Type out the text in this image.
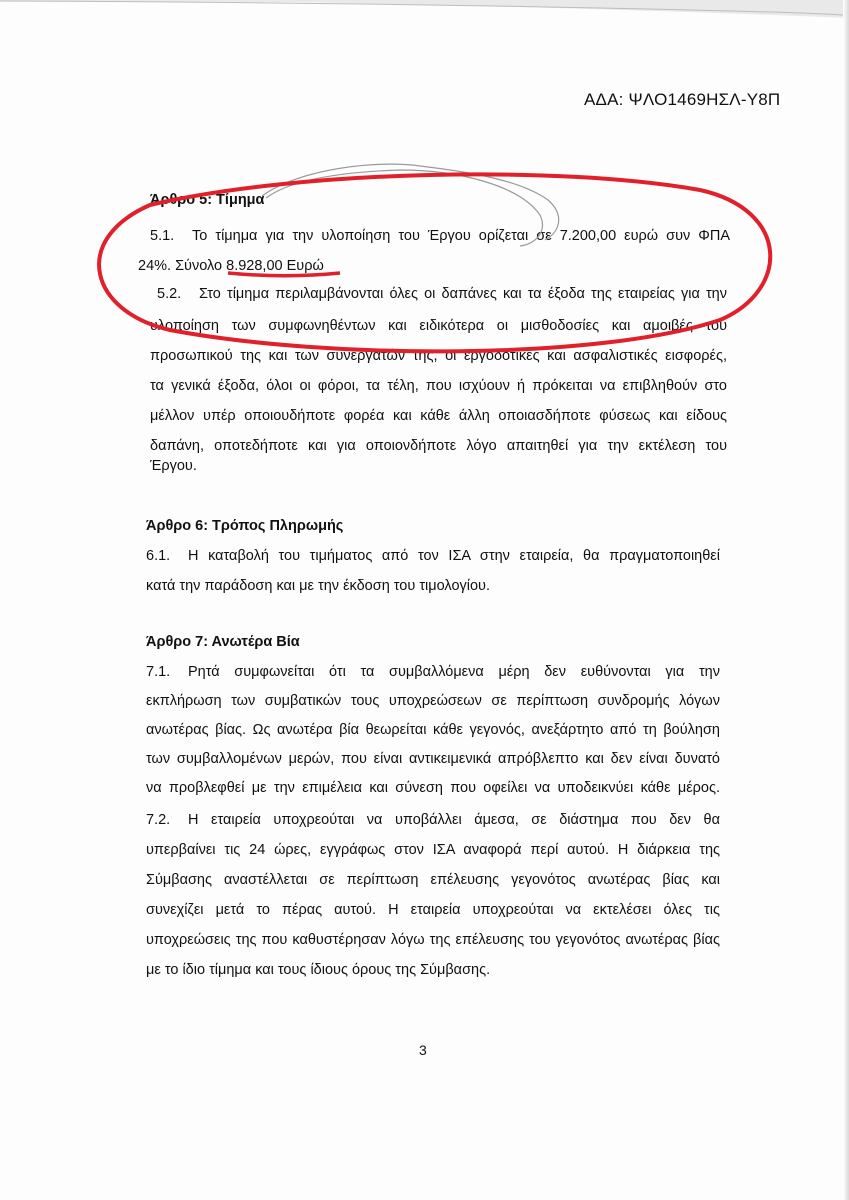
ΑΔΑ: ΨΛΟ1469ΗΣΛ-Υ8Π
Άρθρο 5: Τίμημα
5.1. Το τίμημα για την υλοποίηση του Έργου ορίζεται σε 7.200,00 ευρώ συν ΦΠΑ
24%. Σύνολο 8.928,00 Ευρώ
5.2. Στο τίμημα περιλαμβάνονται όλες οι δαπάνες και τα έξοδα της εταιρείας για την
υλοποίηση των συμφωνηθέντων και ειδικότερα οι μισθοδοσίες και αμοιβές του
προσωπικού της και των συνεργατών της, οι εργοδοτικές και ασφαλιστικές εισφορές,
τα γενικά έξοδα, όλοι οι φόροι, τα τέλη, που ισχύουν ή πρόκειται να επιβληθούν στο
μέλλον υπέρ οποιουδήποτε φορέα και κάθε άλλη οποιασδήποτε φύσεως και είδους
δαπάνη, οποτεδήποτε και για οποιονδήποτε λόγο απαιτηθεί για την εκτέλεση του
Έργου.
Άρθρο 6: Τρόπος Πληρωμής
6.1. Η καταβολή του τιμήματος από τον ΙΣΑ στην εταιρεία, θα πραγματοποιηθεί
κατά την παράδοση και με την έκδοση του τιμολογίου.
Άρθρο 7: Ανωτέρα Βία
7.1. Ρητά συμφωνείται ότι τα συμβαλλόμενα μέρη δεν ευθύνονται για την
εκπλήρωση των συμβατικών τους υποχρεώσεων σε περίπτωση συνδρομής λόγων
ανωτέρας βίας. Ως ανωτέρα βία θεωρείται κάθε γεγονός, ανεξάρτητο από τη βούληση
των συμβαλλομένων μερών, που είναι αντικειμενικά απρόβλεπτο και δεν είναι δυνατό
να προβλεφθεί με την επιμέλεια και σύνεση που οφείλει να υποδεικνύει κάθε μέρος.
7.2. Η εταιρεία υποχρεούται να υποβάλλει άμεσα, σε διάστημα που δεν θα
υπερβαίνει τις 24 ώρες, εγγράφως στον ΙΣΑ αναφορά περί αυτού. Η διάρκεια της
Σύμβασης αναστέλλεται σε περίπτωση επέλευσης γεγονότος ανωτέρας βίας και
συνεχίζει μετά το πέρας αυτού. Η εταιρεία υποχρεούται να εκτελέσει όλες τις
υποχρεώσεις της που καθυστέρησαν λόγω της επέλευσης του γεγονότος ανωτέρας βίας
με το ίδιο τίμημα και τους ίδιους όρους της Σύμβασης.
3
